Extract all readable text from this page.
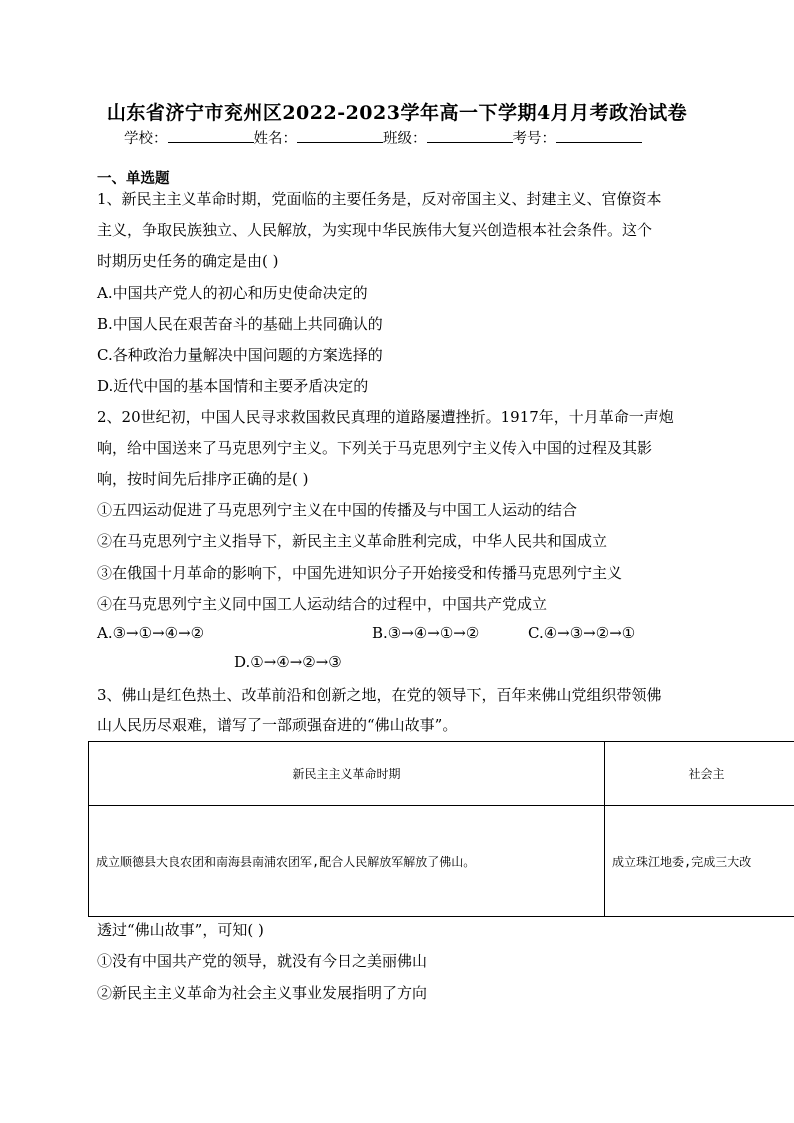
山东省济宁市兖州区2022-2023学年高一下学期4月月考政治试卷
学校：	姓名：	班级：	考号：
一、单选题
1、新民主主义革命时期，党面临的主要任务是，反对帝国主义、封建主义、官僚资本
主义，争取民族独立、人民解放，为实现中华民族伟大复兴创造根本社会条件。这个
时期历史任务的确定是由( )
A.中国共产党人的初心和历史使命决定的
B.中国人民在艰苦奋斗的基础上共同确认的
C.各种政治力量解决中国问题的方案选择的
D.近代中国的基本国情和主要矛盾决定的
2、20世纪初，中国人民寻求救国救民真理的道路屡遭挫折。1917年，十月革命一声炮
响，给中国送来了马克思列宁主义。下列关于马克思列宁主义传入中国的过程及其影
响，按时间先后排序正确的是( )
①五四运动促进了马克思列宁主义在中国的传播及与中国工人运动的结合
②在马克思列宁主义指导下，新民主主义革命胜利完成，中华人民共和国成立
③在俄国十月革命的影响下，中国先进知识分子开始接受和传播马克思列宁主义
④在马克思列宁主义同中国工人运动结合的过程中，中国共产党成立
A.③→①→④→②	B.③→④→①→②	C.④→③→②→①
D.①→④→②→③
3、佛山是红色热土、改革前沿和创新之地，在党的领导下，百年来佛山党组织带领佛
山人民历尽艰难，谱写了一部顽强奋进的“佛山故事”。
新民主主义革命时期	社会主
成立顺德县大良农团和南海县南浦农团军,配合人民解放军解放了佛山。	成立珠江地委,完成三大改
透过“佛山故事”，可知( )
①没有中国共产党的领导，就没有今日之美丽佛山
②新民主主义革命为社会主义事业发展指明了方向
